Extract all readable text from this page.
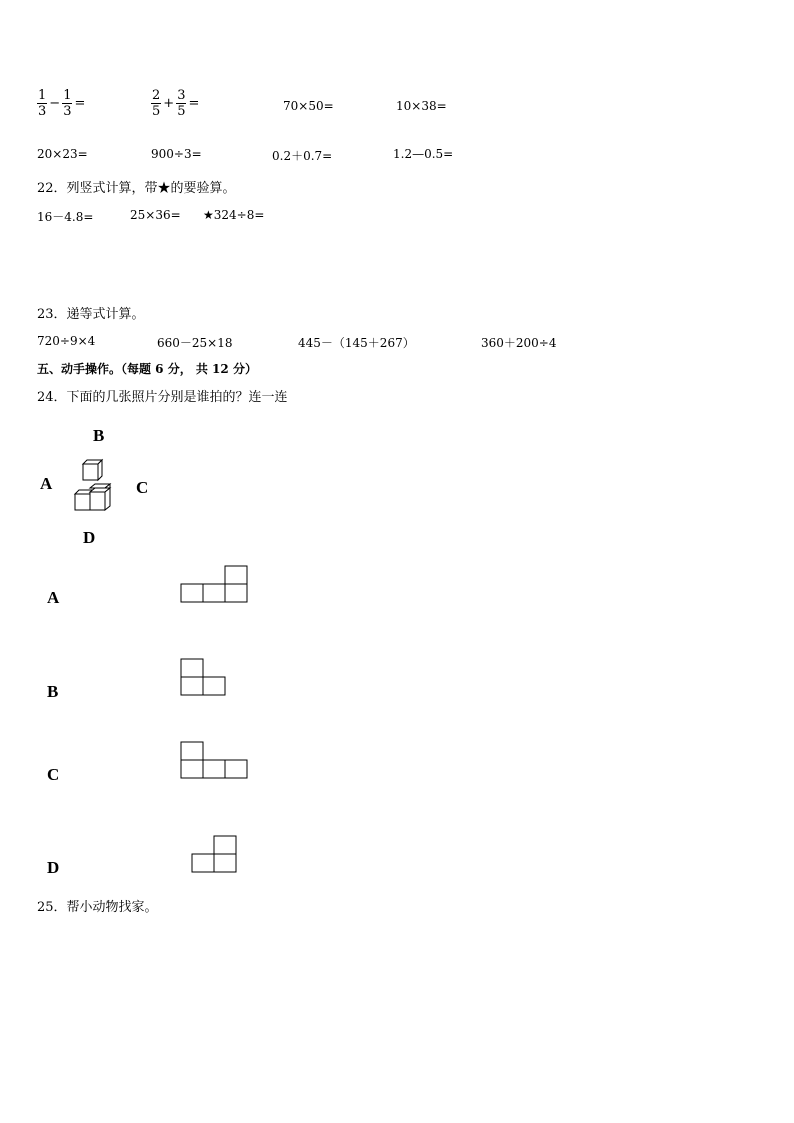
$\frac{1}{3} - \frac{1}{3}$ =	$\frac{2}{5} + \frac{3}{5}$ =	70×50=	10×38=
20×23=	900÷3=	0.2＋0.7=	1.2—0.5=
22．列竖式计算，带★的要验算。
16－4.8=	25×36= ★324÷8=
23．递等式计算。
720÷9×4	660－25×18	445－（145＋267）	360＋200÷4
五、动手操作。（每题 6 分， 共 12 分）
24．下面的几张照片分别是谁拍的？连一连
B
A	C
D
A
B
C
D
25．帮小动物找家。
